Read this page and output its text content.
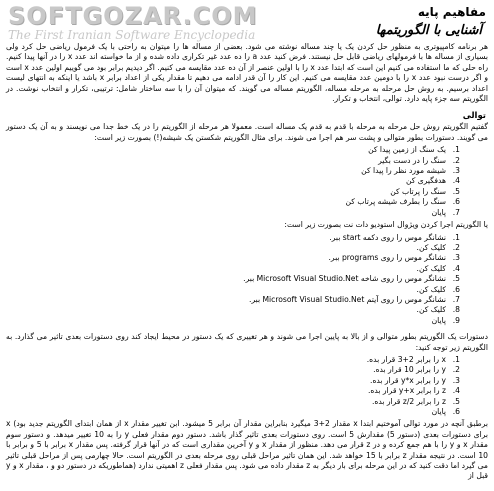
SOFTGOZAR.COM
The First Iranian Software Encyclopedia
مفاهیم پایه
آشنایی با الگوریتمها

هر برنامه کامپیوتری به منظور حل کردن یک یا چند مساله نوشته می شود. بعضی از مساله ها را میتوان به راحتی با یک فرمول ریاضی حل کرد ولی بسیاری از مساله ها با فرمولهای ریاضی قابل حل نیستند. فرض کنید عدد a را ده عدد غیر تکراری داده شده و از ما خواسته اند عدد x را در آنها پیدا کنیم. راه حلی که ما استفاده می کنیم این است که ابتدا عدد x را با اولین عنصر از آن ده عدد مقایسه می کنیم. اگر دیدیم برابر بود می گوییم اولین عدد x است و اگر درست نبود عدد x را با دومین عدد مقایسه می کنیم. این کار را آن قدر ادامه می دهیم تا مقدار یکی از اعداد برابر x باشد یا اینکه به انتهای لیست اعداد برسیم. به روش حل مرحله به مرحله مساله، الگوریتم مساله می گویند. که میتوان آن را با سه ساختار شامل: ترتیبی، تکرار و انتخاب نوشت. در الگوریتم سه جزء پایه دارد. توالی، انتخاب و تکرار.

توالی

گفتیم الگوریتم روش حل مرحله به مرحله با قدم به قدم یک مساله است. معمولا هر مرحله از الگوریتم را در یک خط جدا می نویسند و به آن یک دستور می گویند. دستورات بطور متوالی و پشت سر هم اجرا می شوند. برای مثال الگوریتم شکستن یک شیشه(!) بصورت زیر است:

1.
یک سنگ از زمین پیدا کن
2.
سنگ را در دست بگیر
3.
شیشه مورد نظر را پیدا کن
4.
هدفگیری کن
5.
سنگ را پرتاب کن
6.
سنگ را بطرف شیشه پرتاب کن
7.
پایان

یا الگوریتم اجرا کردن ویژوال استودیو دات نت بصورت زیر است:

1.
نشانگر موس را روی دکمه start ببر.
2.
کلیک کن.
3.
نشانگر موس را روی programs ببر.
4.
کلیک کن.
5.
نشانگر موس را روی شاخه Microsoft Visual Studio.Net ببر.
6.
کلیک کن.
7.
نشانگر موس را روی آیتم Microsoft Visual Studio.Net ببر.
8.
کلیک کن.
9.
پایان

دستورات یک الگوریتم بطور متوالی و از بالا به پایین اجرا می شوند و هر تغییری که یک دستور در محیط ایجاد کند روی دستورات بعدی تاثیر می گذارد. به الگوریتم زیر توجه کنید:

1.
x را برابر 2+3 قرار بده.
2.
y را برابر 10 قرار بده.
3.
y را برابر y*x قرار بده.
4.
z را برابر y+x قرار بده.
5.
z را برابر z/2 قرار بده.
6.
پایان

برطبق آنچه در مورد توالی آموختیم ابتدا x مقدار 2+3 میگیرد بنابراین مقدار آن برابر 5 میشود. ابن تغییر مقدار x از همان ابتدای الگوریتم جدید بود) x برای دستورات بعدی (دستور 5) مقدارش 5 است. روی دستورات بعدی تاثیر گذار باشد. دستور دوم مقدار فعلی y را به 10 تغییر میدهد. و دستور سوم مقدار x و y را با هم جمع کرده و در z قرار می دهد. منظور از مقدار x و y آخرین مقداری است که در آنها قرار گرفته. پس مقدار x برابر با 5 و برابر با 10 است. در نتیجه مقدار z برابر با 15 خواهد شد. این همان تاثیر مراحل قبلی روی مرحله بعدی در الگوریتم است. حالا چهارمی پس از مراحل قبلی تاثیر می گیرد اما دقت کنید که در این مرحله برای بار دیگر به z مقدار داده می شود. پس مقدار فعلی z اهمیتی ندارد (هماطوریکه در دستور دو و ، مقدار x و y قبل از
